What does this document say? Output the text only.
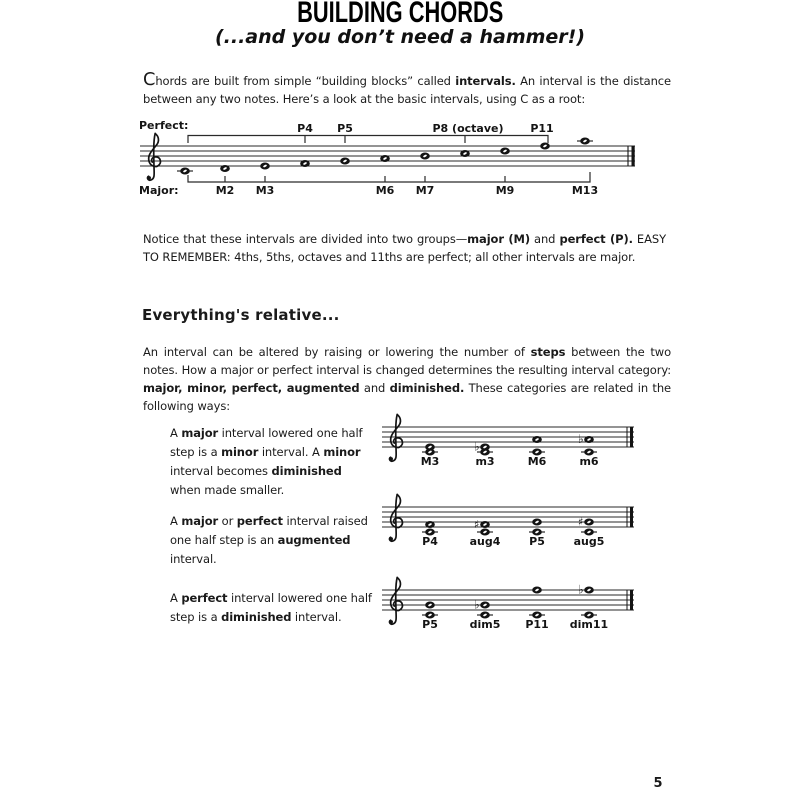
BUILDING CHORDS
(...and you don’t need a hammer!)
Chords are built from simple “building blocks” called intervals. An interval is the distance between any two notes. Here’s a look at the basic intervals, using C as a root:
Perfect:
Major:
P4 P5	P8 (octave) P11
M2 M3	M6 M7	M9	M13
Notice that these intervals are divided into two groups—major (M) and perfect (P). EASY TO REMEMBER: 4ths, 5ths, octaves and 11ths are perfect; all other intervals are major.
Everything's relative...
An interval can be altered by raising or lowering the number of steps between the two notes. How a major or perfect interval is changed determines the resulting interval category: major, minor, perfect, augmented and diminished. These categories are related in the following ways:
A major interval lowered one half step is a minor interval. A minor interval becomes diminished when made smaller.
♭
♭
M3	m3	M6	m6
A major or perfect interval raised one half step is an augmented interval.
♯	♯
P4	aug4	P5	aug5
A perfect interval lowered one half step is a diminished interval.
♭
♭
P5	dim5 P11 dim11
5
